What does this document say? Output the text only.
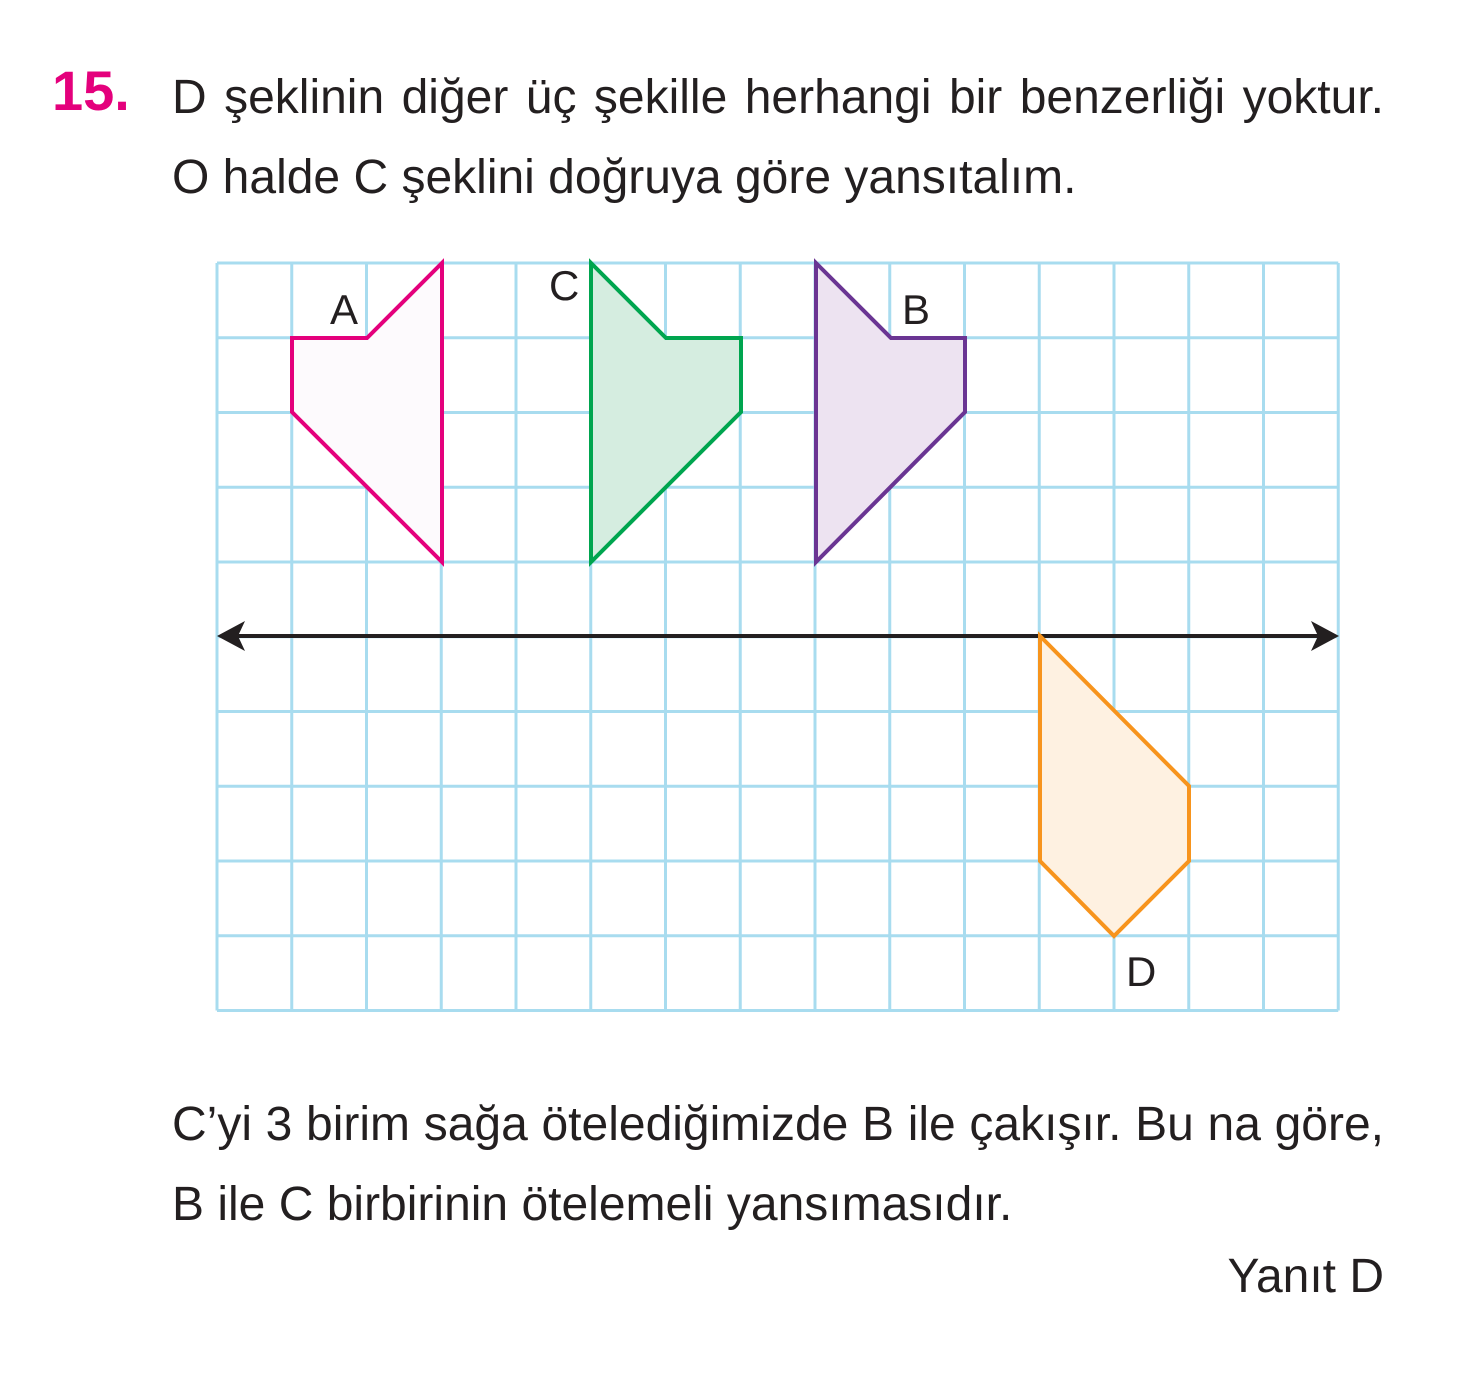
15. D şeklinin diğer üç şekille herhangi bir benzerliği yoktur. O halde C şeklini doğruya göre yansıtalım.

A
C
B
D

C’yi 3 birim sağa ötelediğimizde B ile çakışır. Bu na göre, B ile C birbirinin ötelemeli yansımasıdır.

Yanıt D
